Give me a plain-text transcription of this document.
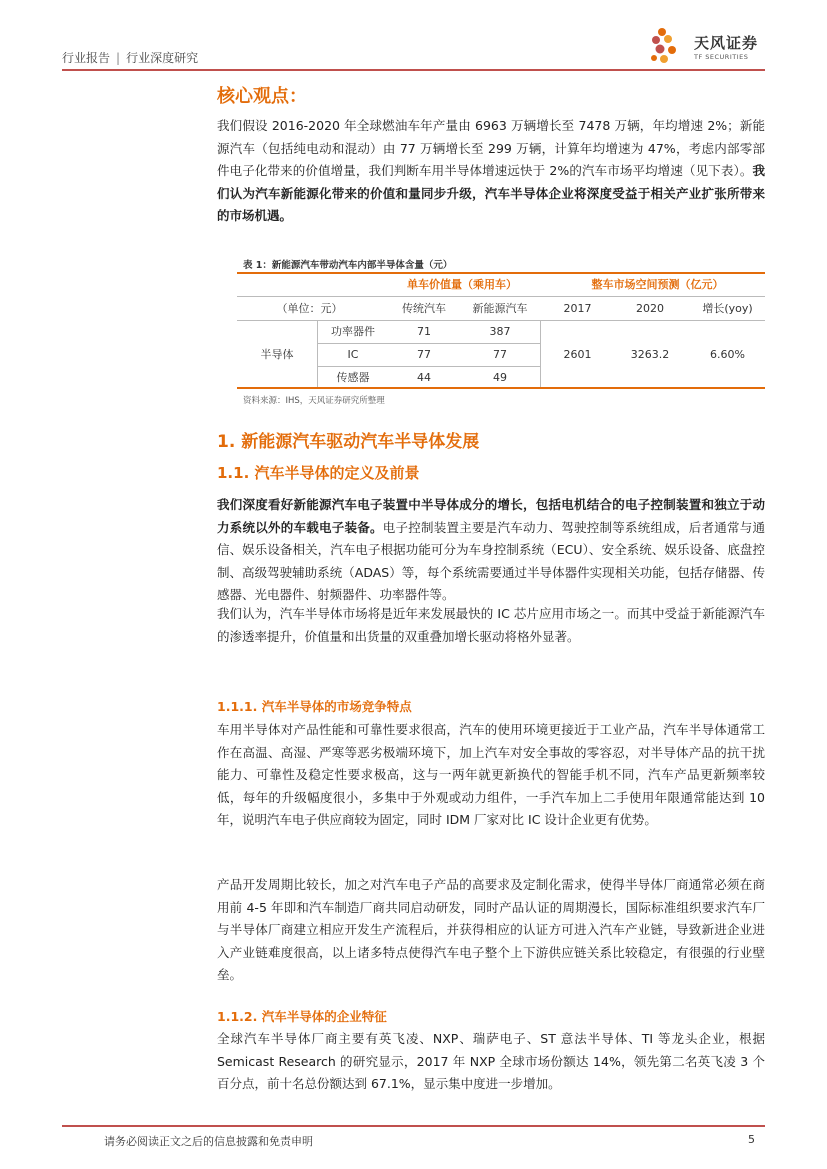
行业报告 | 行业深度研究
天风证券
TF SECURITIES
核心观点：
我们假设 2016-2020 年全球燃油车年产量由 6963 万辆增长至 7478 万辆，年均增速 2%；新能源汽车（包括纯电动和混动）由 77 万辆增长至 299 万辆，计算年均增速为 47%，考虑内部零部件电子化带来的价值增量，我们判断车用半导体增速远快于 2%的汽车市场平均增速（见下表）。我们认为汽车新能源化带来的价值和量同步升级，汽车半导体企业将深度受益于相关产业扩张所带来的市场机遇。
表 1：新能源汽车带动汽车内部半导体含量（元）
单车价值量（乘用车）	整车市场空间预测（亿元）
（单位：元）	传统汽车	新能源汽车	2017	2020	增长(yoy)
半导体
功率器件	71	387
IC	77	77
传感器	44	49
2601	3263.2	6.60%
资料来源：IHS，天风证券研究所整理
1. 新能源汽车驱动汽车半导体发展
1.1. 汽车半导体的定义及前景
我们深度看好新能源汽车电子装置中半导体成分的增长，包括电机结合的电子控制装置和独立于动力系统以外的车载电子装备。电子控制装置主要是汽车动力、驾驶控制等系统组成，后者通常与通信、娱乐设备相关，汽车电子根据功能可分为车身控制系统（ECU）、安全系统、娱乐设备、底盘控制、高级驾驶辅助系统（ADAS）等，每个系统需要通过半导体器件实现相关功能，包括存储器、传感器、光电器件、射频器件、功率器件等。
我们认为，汽车半导体市场将是近年来发展最快的 IC 芯片应用市场之一。而其中受益于新能源汽车的渗透率提升，价值量和出货量的双重叠加增长驱动将格外显著。
1.1.1. 汽车半导体的市场竞争特点
车用半导体对产品性能和可靠性要求很高，汽车的使用环境更接近于工业产品，汽车半导体通常工作在高温、高湿、严寒等恶劣极端环境下，加上汽车对安全事故的零容忍，对半导体产品的抗干扰能力、可靠性及稳定性要求极高，这与一两年就更新换代的智能手机不同，汽车产品更新频率较低，每年的升级幅度很小，多集中于外观或动力组件，一手汽车加上二手使用年限通常能达到 10 年，说明汽车电子供应商较为固定，同时 IDM 厂家对比 IC 设计企业更有优势。
产品开发周期比较长，加之对汽车电子产品的高要求及定制化需求，使得半导体厂商通常必须在商用前 4-5 年即和汽车制造厂商共同启动研发，同时产品认证的周期漫长，国际标准组织要求汽车厂与半导体厂商建立相应开发生产流程后，并获得相应的认证方可进入汽车产业链，导致新进企业进入产业链难度很高，以上诸多特点使得汽车电子整个上下游供应链关系比较稳定，有很强的行业壁垒。
1.1.2. 汽车半导体的企业特征
全球汽车半导体厂商主要有英飞凌、NXP、瑞萨电子、ST 意法半导体、TI 等龙头企业，根据 Semicast Research 的研究显示，2017 年 NXP 全球市场份额达 14%，领先第二名英飞凌 3 个百分点，前十名总份额达到 67.1%，显示集中度进一步增加。
请务必阅读正文之后的信息披露和免责申明	5
